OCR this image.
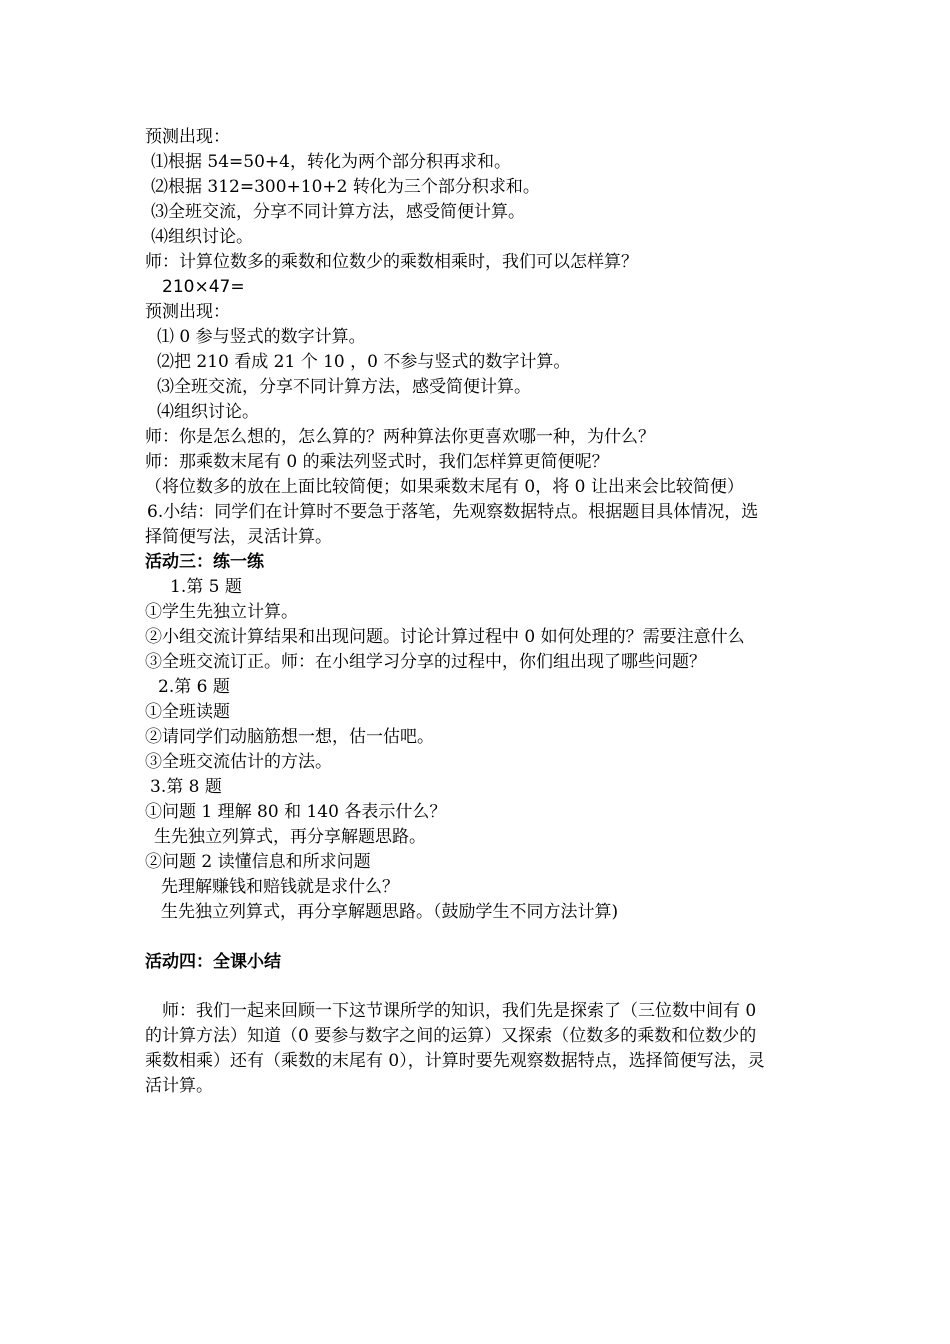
预测出现：
⑴根据 54=50+4，转化为两个部分积再求和。
⑵根据 312=300+10+2 转化为三个部分积求和。
⑶全班交流，分享不同计算方法，感受简便计算。
⑷组织讨论。
师：计算位数多的乘数和位数少的乘数相乘时，我们可以怎样算？
210×47=
预测出现：
⑴ 0 参与竖式的数字计算。
⑵把 210 看成 21 个 10 ，0 不参与竖式的数字计算。
⑶全班交流，分享不同计算方法，感受简便计算。
⑷组织讨论。
师：你是怎么想的，怎么算的？两种算法你更喜欢哪一种，为什么？
师：那乘数末尾有 0 的乘法列竖式时，我们怎样算更简便呢？
（将位数多的放在上面比较简便；如果乘数末尾有 0，将 0 让出来会比较简便）
6.小结：同学们在计算时不要急于落笔，先观察数据特点。根据题目具体情况，选
择简便写法，灵活计算。
活动三：练一练
1.第 5 题
①学生先独立计算。
②小组交流计算结果和出现问题。讨论计算过程中 0 如何处理的？需要注意什么
③全班交流订正。师：在小组学习分享的过程中，你们组出现了哪些问题？
2.第 6 题
①全班读题
②请同学们动脑筋想一想，估一估吧。
③全班交流估计的方法。
3.第 8 题
①问题 1 理解 80 和 140 各表示什么？
生先独立列算式，再分享解题思路。
②问题 2 读懂信息和所求问题
先理解赚钱和赔钱就是求什么？
生先独立列算式，再分享解题思路。（鼓励学生不同方法计算)
活动四：全课小结
师：我们一起来回顾一下这节课所学的知识，我们先是探索了（三位数中间有 0
的计算方法）知道（0 要参与数字之间的运算）又探索（位数多的乘数和位数少的
乘数相乘）还有（乘数的末尾有 0），计算时要先观察数据特点，选择简便写法，灵
活计算。
